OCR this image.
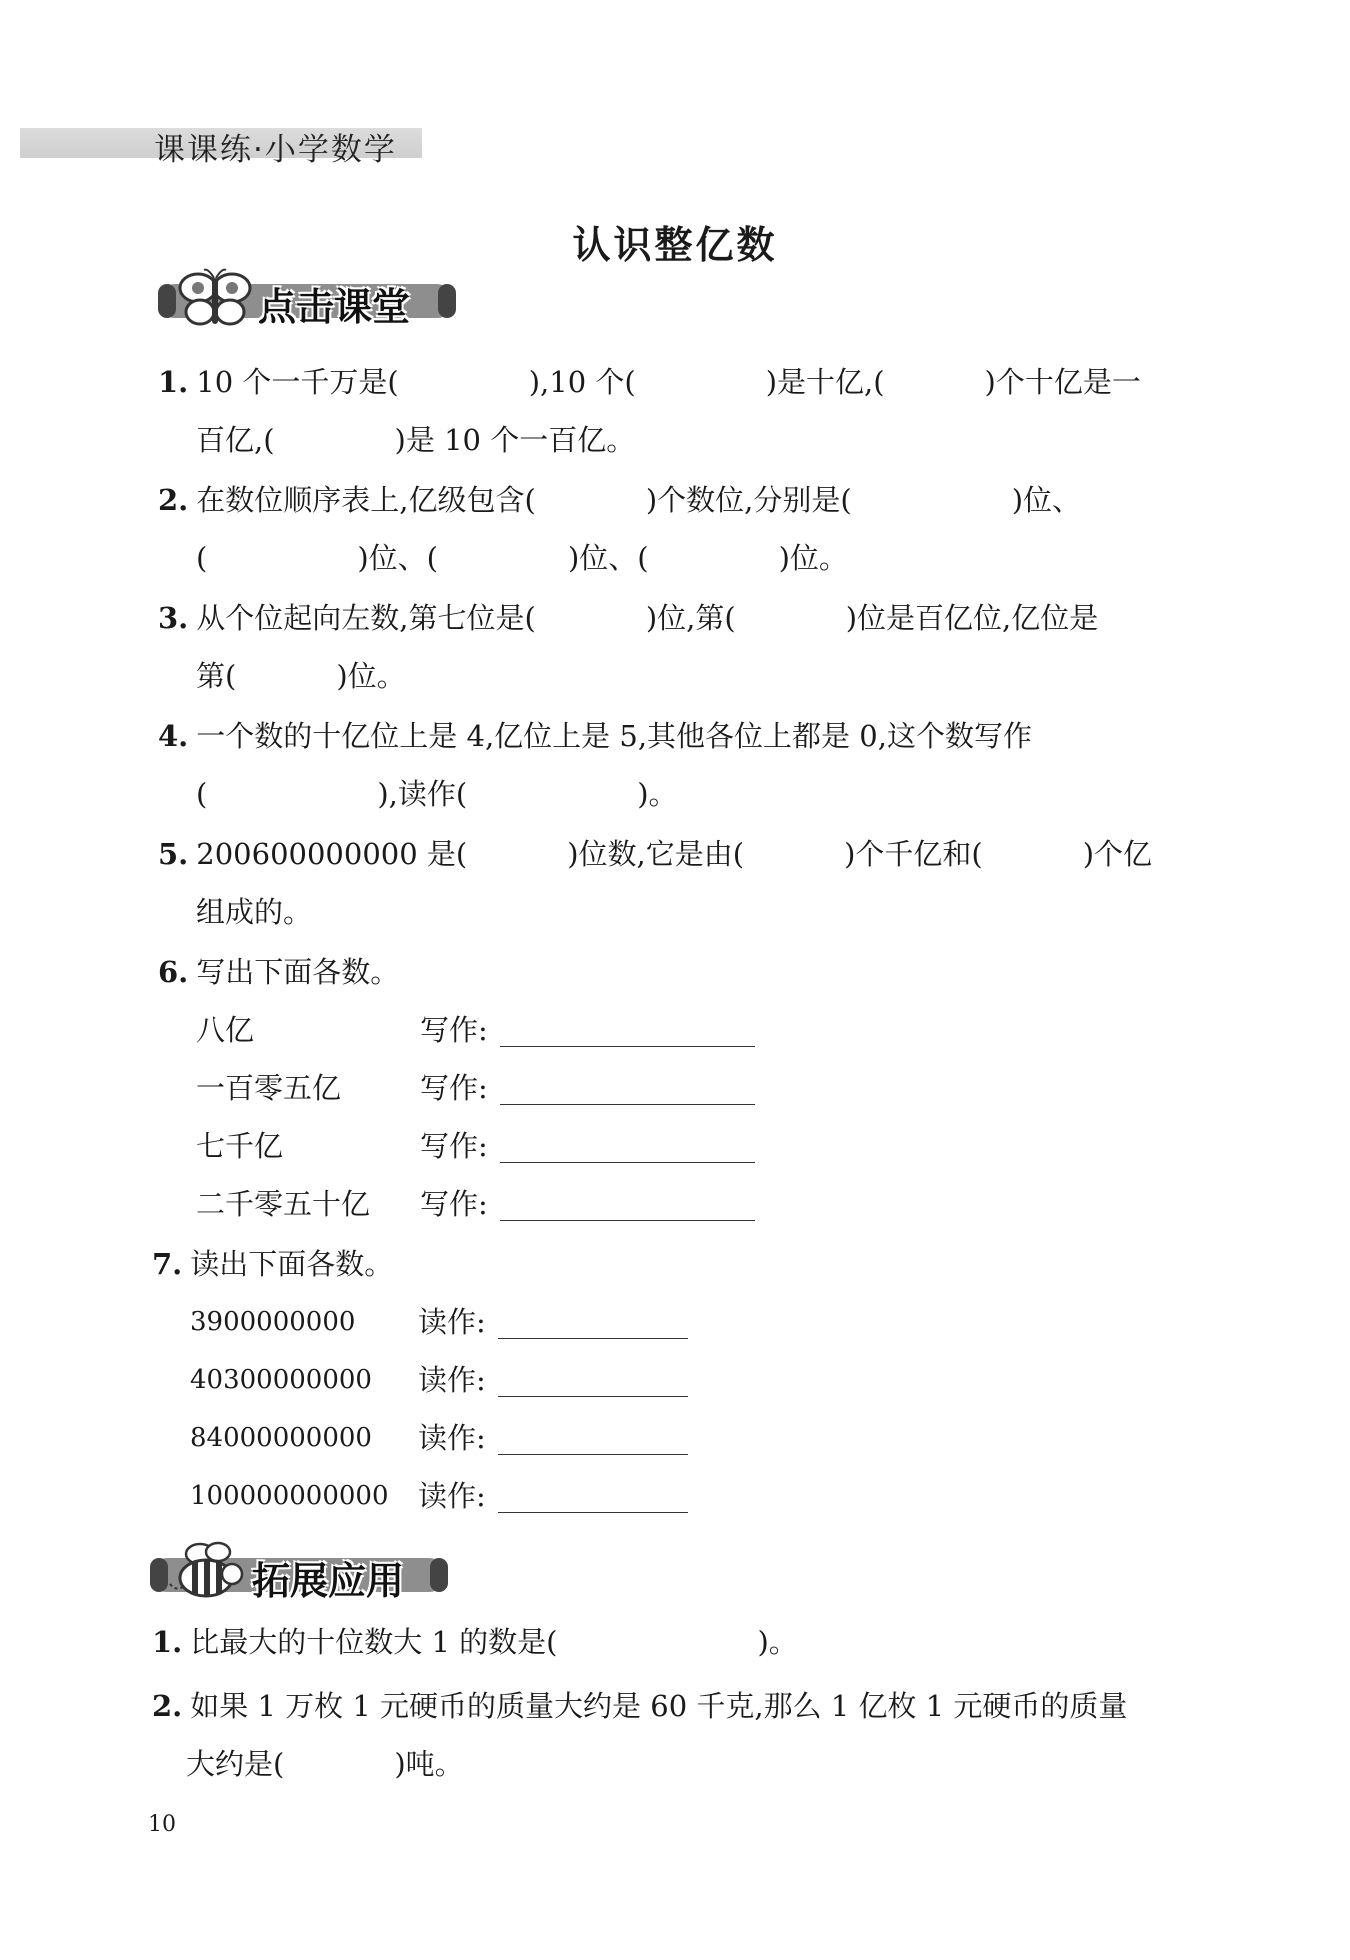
课课练·小学数学
认识整亿数
点击课堂
1. 10 个一千万是(	),10 个(	)是十亿,(	)个十亿是一
百亿,(	)是 10 个一百亿。
2. 在数位顺序表上,亿级包含(	)个数位,分别是(	)位、
(	)位、(	)位、(	)位。
3. 从个位起向左数,第七位是(	)位,第(	)位是百亿位,亿位是
第(	)位。
4. 一个数的十亿位上是 4,亿位上是 5,其他各位上都是 0,这个数写作
(	),读作(	)。
5. 200600000000 是(	)位数,它是由(	)个千亿和(	)个亿
组成的。
6. 写出下面各数。
八亿	写作:
一百零五亿	写作:
七千亿	写作:
二千零五十亿 写作:
7. 读出下面各数。
3900000000 读作:
40300000000 读作:
84000000000 读作:
100000000000 读作:
拓展应用
1. 比最大的十位数大 1 的数是(	)。
2. 如果 1 万枚 1 元硬币的质量大约是 60 千克,那么 1 亿枚 1 元硬币的质量
大约是(	)吨。
10
